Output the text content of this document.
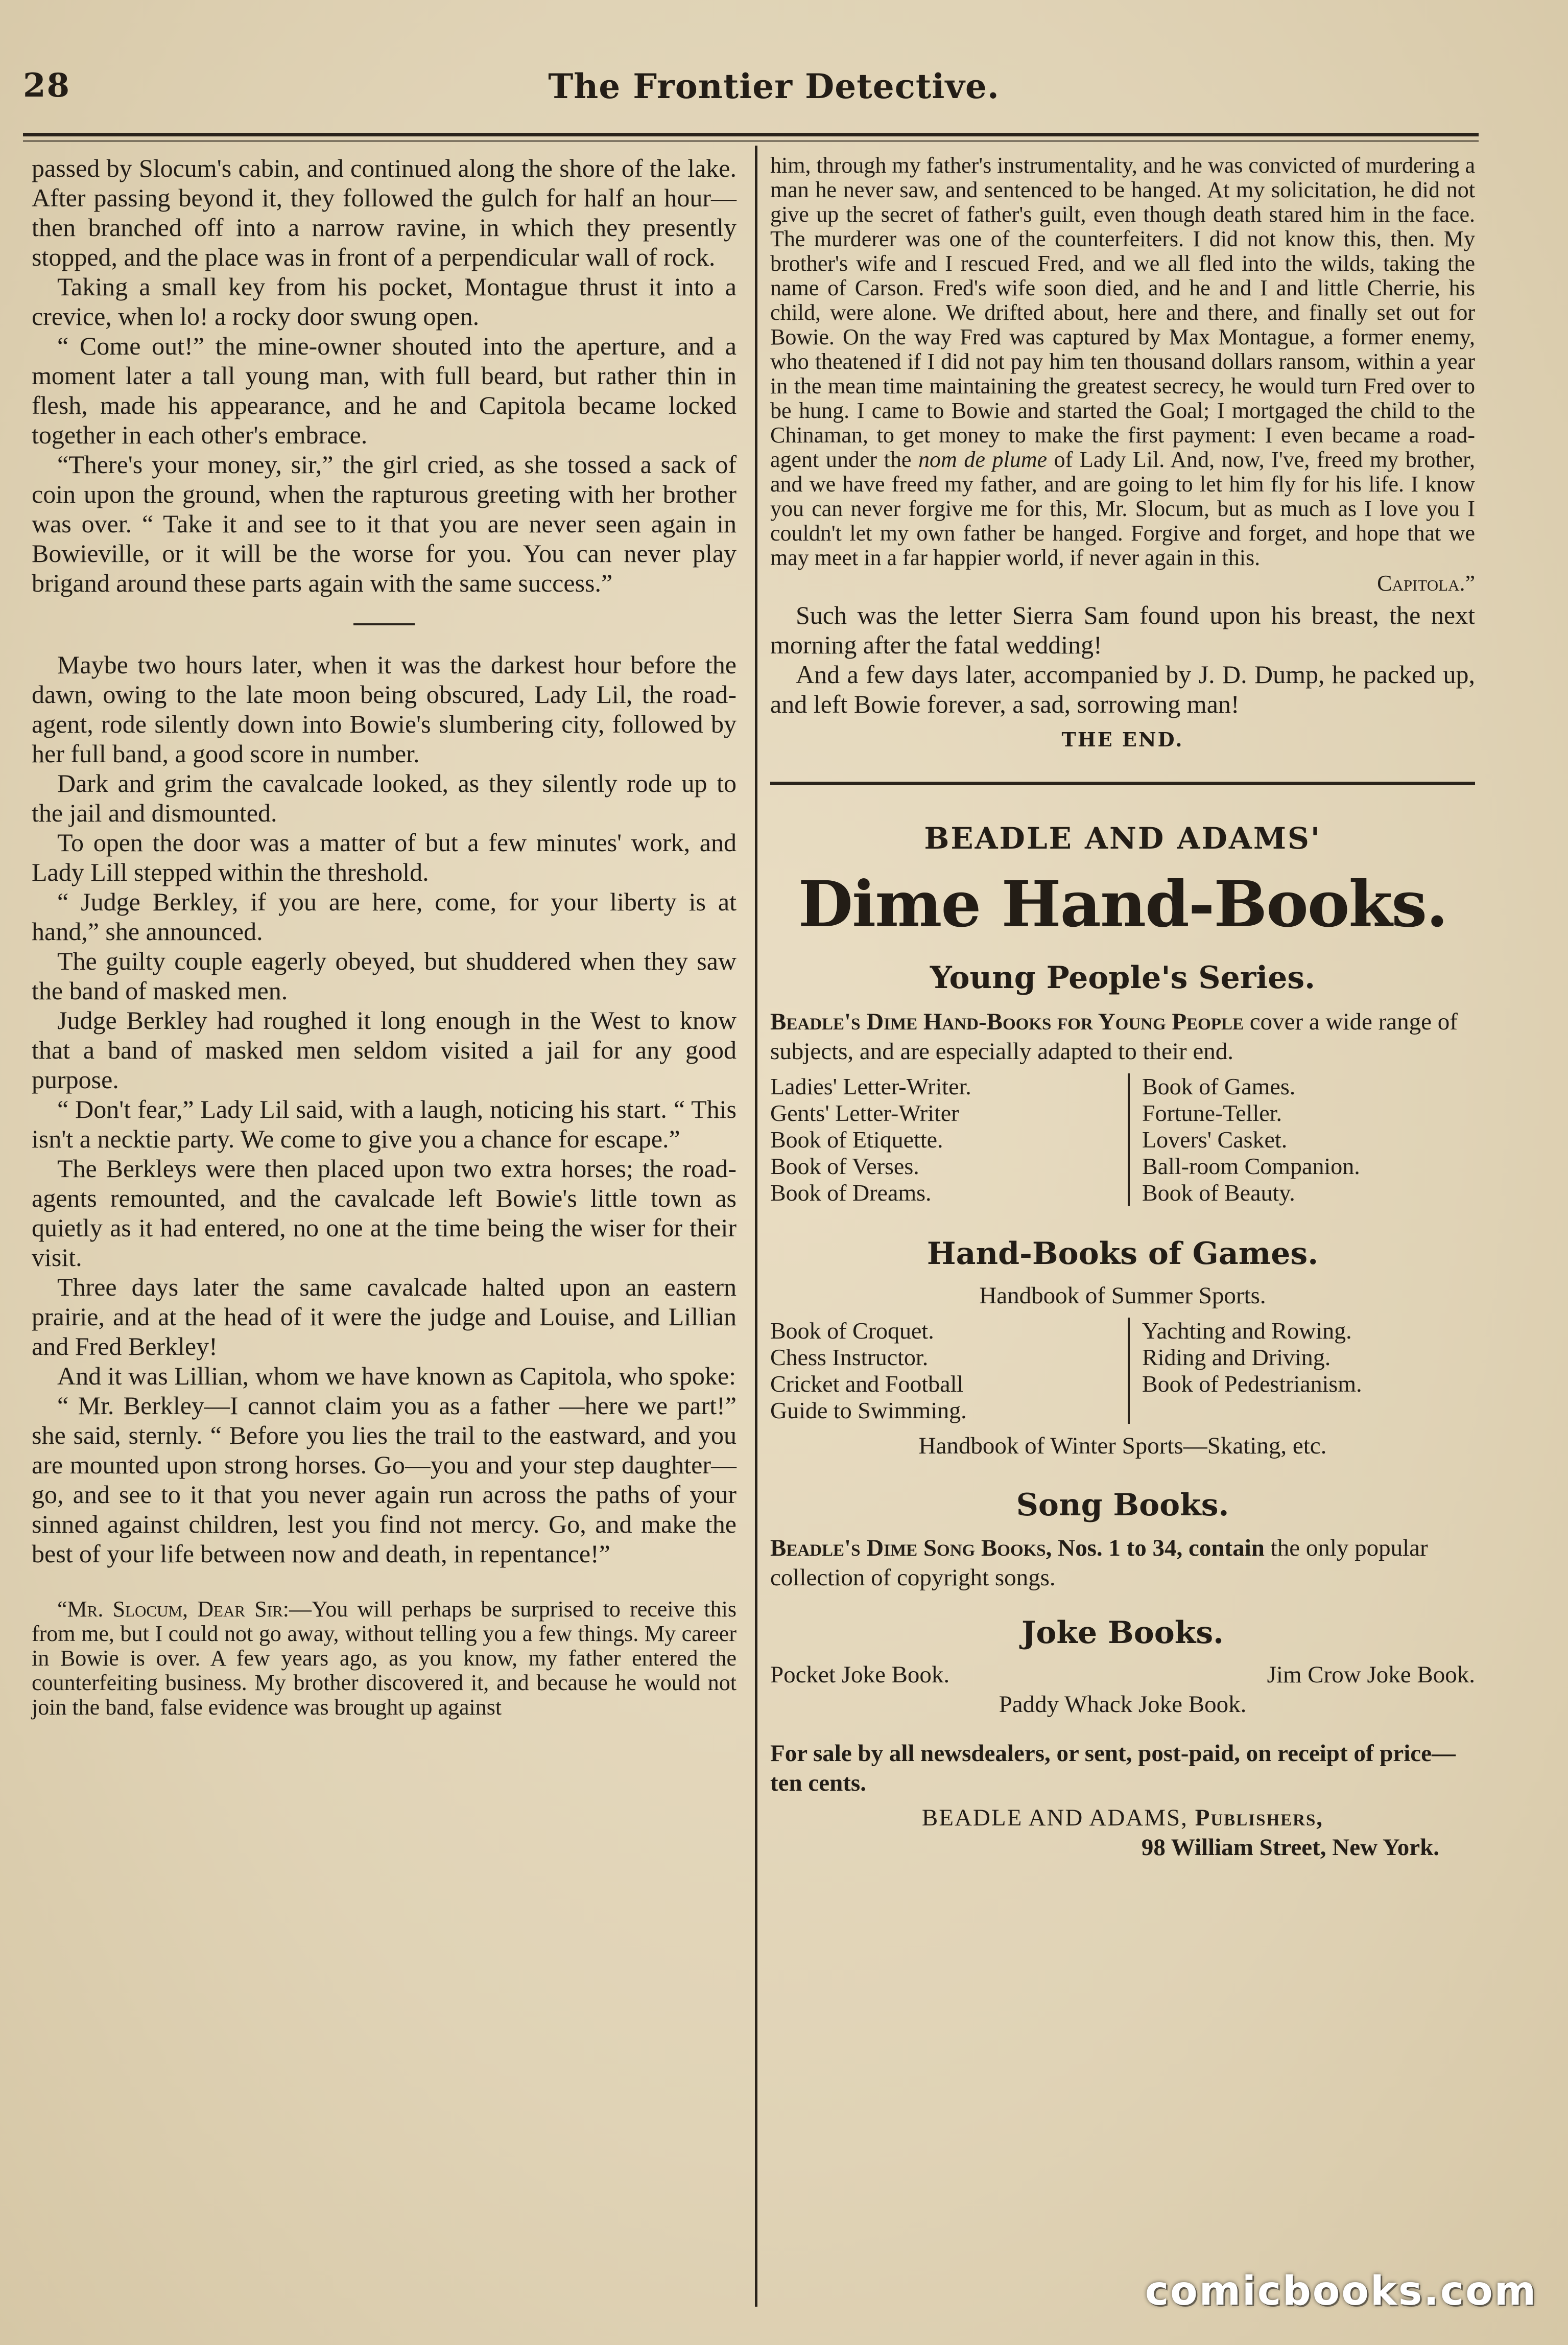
28	The Frontier Detective.

passed by Slocum's cabin, and continued along the shore of the lake. After passing beyond it, they followed the gulch for half an hour—then branched off into a narrow ravine, in which they presently stopped, and the place was in front of a perpendicular wall of rock.

Taking a small key from his pocket, Montague thrust it into a crevice, when lo! a rocky door swung open.

“ Come out!” the mine-owner shouted into the aperture, and a moment later a tall young man, with full beard, but rather thin in flesh, made his appearance, and he and Capitola became locked together in each other's embrace.

“There's your money, sir,” the girl cried, as she tossed a sack of coin upon the ground, when the rapturous greeting with her brother was over. “ Take it and see to it that you are never seen again in Bowieville, or it will be the worse for you. You can never play brigand around these parts again with the same success.”

Maybe two hours later, when it was the darkest hour before the dawn, owing to the late moon being obscured, Lady Lil, the road-agent, rode silently down into Bowie's slumbering city, followed by her full band, a good score in number.

Dark and grim the cavalcade looked, as they silently rode up to the jail and dismounted.

To open the door was a matter of but a few minutes' work, and Lady Lill stepped within the threshold.

“ Judge Berkley, if you are here, come, for your liberty is at hand,” she announced.

The guilty couple eagerly obeyed, but shuddered when they saw the band of masked men.

Judge Berkley had roughed it long enough in the West to know that a band of masked men seldom visited a jail for any good purpose.

“ Don't fear,” Lady Lil said, with a laugh, noticing his start. “ This isn't a necktie party. We come to give you a chance for escape.”

The Berkleys were then placed upon two extra horses; the road-agents remounted, and the cavalcade left Bowie's little town as quietly as it had entered, no one at the time being the wiser for their visit.

Three days later the same cavalcade halted upon an eastern prairie, and at the head of it were the judge and Louise, and Lillian and Fred Berkley!

And it was Lillian, whom we have known as Capitola, who spoke:

“ Mr. Berkley—I cannot claim you as a father —here we part!” she said, sternly. “ Before you lies the trail to the eastward, and you are mounted upon strong horses. Go—you and your step daughter—go, and see to it that you never again run across the paths of your sinned against children, lest you find not mercy. Go, and make the best of your life between now and death, in repentance!”

“Mr. Slocum, Dear Sir:—You will perhaps be surprised to receive this from me, but I could not go away, without telling you a few things. My career in Bowie is over. A few years ago, as you know, my father entered the counterfeiting business. My brother discovered it, and because he would not join the band, false evidence was brought up against

him, through my father's instrumentality, and he was convicted of murdering a man he never saw, and sentenced to be hanged. At my solicitation, he did not give up the secret of father's guilt, even though death stared him in the face. The murderer was one of the counterfeiters. I did not know this, then. My brother's wife and I rescued Fred, and we all fled into the wilds, taking the name of Carson. Fred's wife soon died, and he and I and little Cherrie, his child, were alone. We drifted about, here and there, and finally set out for Bowie. On the way Fred was captured by Max Montague, a former enemy, who theatened if I did not pay him ten thousand dollars ransom, within a year in the mean time maintaining the greatest secrecy, he would turn Fred over to be hung. I came to Bowie and started the Goal; I mortgaged the child to the Chinaman, to get money to make the first payment: I even became a road-agent under the nom de plume of Lady Lil. And, now, I've, freed my brother, and we have freed my father, and are going to let him fly for his life. I know you can never forgive me for this, Mr. Slocum, but as much as I love you I couldn't let my own father be hanged. Forgive and forget, and hope that we may meet in a far happier world, if never again in this.

Capitola.”

Such was the letter Sierra Sam found upon his breast, the next morning after the fatal wedding!

And a few days later, accompanied by J. D. Dump, he packed up, and left Bowie forever, a sad, sorrowing man!

THE END.
BEADLE AND ADAMS'
Dime Hand-Books.
Young People's Series.
Beadle's Dime Hand-Books for Young People cover a wide range of subjects, and are especially adapted to their end.
Ladies' Letter-Writer.
Gents' Letter-Writer
Book of Etiquette.
Book of Verses.
Book of Dreams.
Book of Games.
Fortune-Teller.
Lovers' Casket.
Ball-room Companion.
Book of Beauty.
Hand-Books of Games.
Handbook of Summer Sports.
Book of Croquet.
Chess Instructor.
Cricket and Football
Guide to Swimming.
Yachting and Rowing.
Riding and Driving.
Book of Pedestrianism.
Handbook of Winter Sports—Skating, etc.
Song Books.
Beadle's Dime Song Books, Nos. 1 to 34, contain the only popular collection of copyright songs.
Joke Books.
Pocket Joke Book.	Jim Crow Joke Book.
Paddy Whack Joke Book.
For sale by all newsdealers, or sent, post-paid, on receipt of price—ten cents.
BEADLE AND ADAMS, Publishers,
98 William Street, New York.
comicbooks.com
